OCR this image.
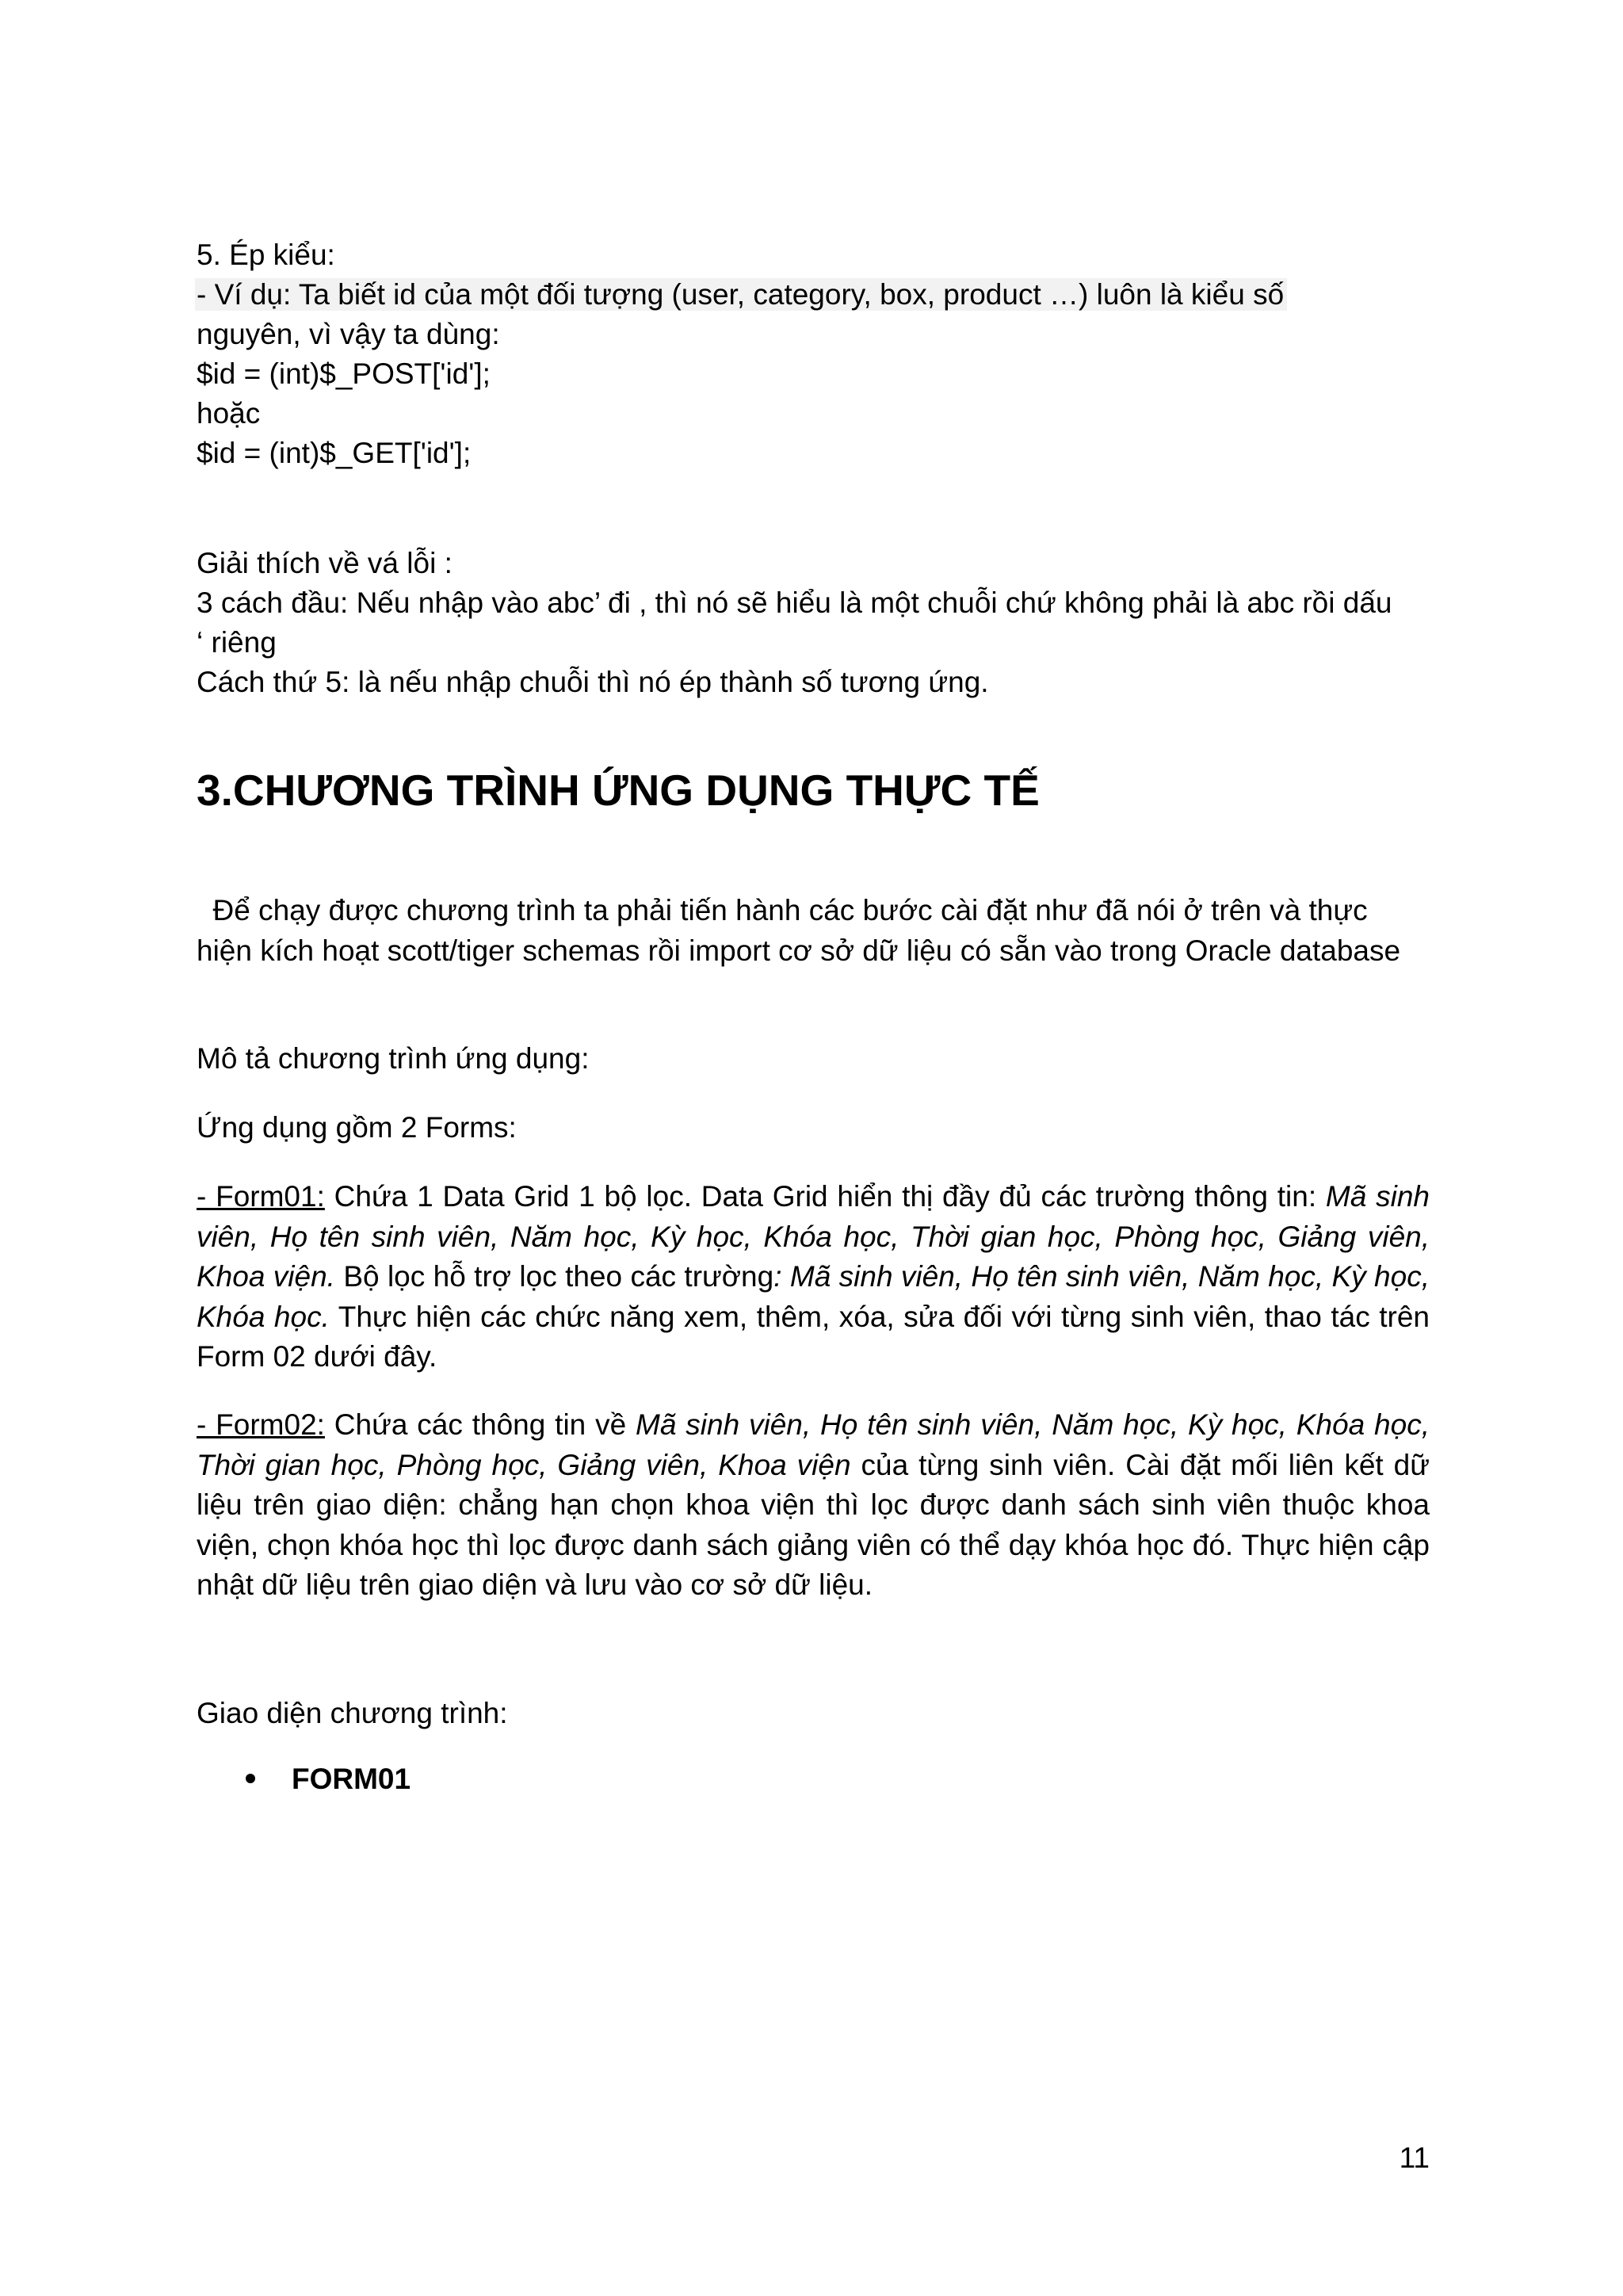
5. Ép kiểu:
- Ví dụ: Ta biết id của một đối tượng (user, category, box, product …) luôn là kiểu số
nguyên, vì vậy ta dùng:
$id = (int)$_POST['id'];
hoặc
$id = (int)$_GET['id'];
Giải thích về vá lỗi :
3 cách đầu: Nếu nhập vào abc’ đi , thì nó sẽ hiểu là một chuỗi chứ không phải là abc rồi dấu
‘ riêng
Cách thứ 5: là nếu nhập chuỗi thì nó ép thành số tương ứng.
3.CHƯƠNG TRÌNH ỨNG DỤNG THỰC TẾ
Để chạy được chương trình ta phải tiến hành các bước cài đặt như đã nói ở trên và thực hiện kích hoạt scott/tiger schemas rồi import cơ sở dữ liệu có sẵn vào trong Oracle database
Mô tả chương trình ứng dụng:
Ứng dụng gồm 2 Forms:
- Form01: Chứa 1 Data Grid 1 bộ lọc. Data Grid hiển thị đầy đủ các trường thông tin: Mã sinh viên, Họ tên sinh viên, Năm học, Kỳ học, Khóa học, Thời gian học, Phòng học, Giảng viên, Khoa viện. Bộ lọc hỗ trợ lọc theo các trường: Mã sinh viên, Họ tên sinh viên, Năm học, Kỳ học, Khóa học. Thực hiện các chức năng xem, thêm, xóa, sửa đối với từng sinh viên, thao tác trên Form 02 dưới đây.
- Form02: Chứa các thông tin về Mã sinh viên, Họ tên sinh viên, Năm học, Kỳ học, Khóa học, Thời gian học, Phòng học, Giảng viên, Khoa viện của từng sinh viên. Cài đặt mối liên kết dữ liệu trên giao diện: chẳng hạn chọn khoa viện thì lọc được danh sách sinh viên thuộc khoa viện, chọn khóa học thì lọc được danh sách giảng viên có thể dạy khóa học đó. Thực hiện cập nhật dữ liệu trên giao diện và lưu vào cơ sở dữ liệu.
Giao diện chương trình:
FORM01
11
